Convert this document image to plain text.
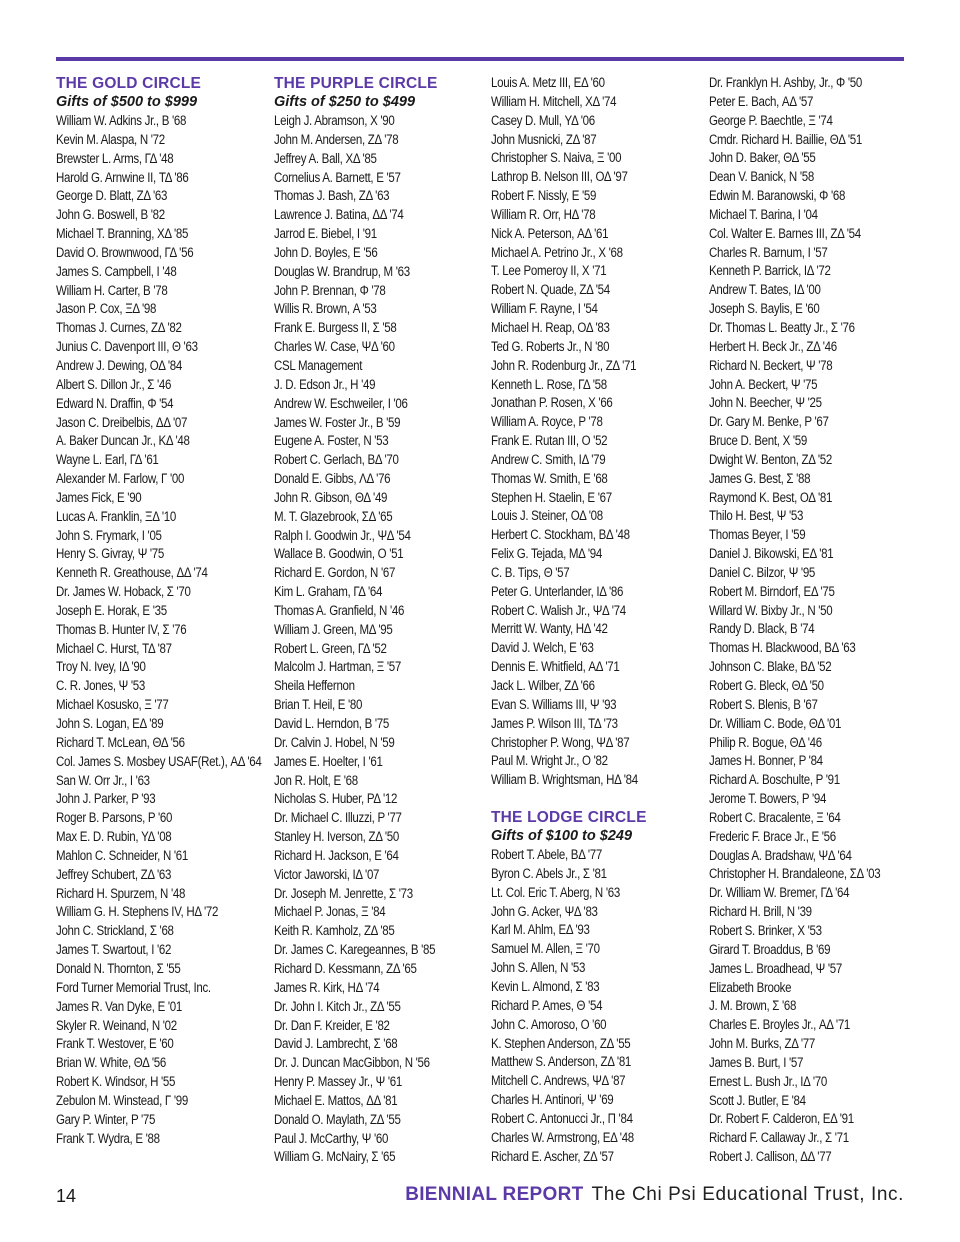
THE GOLD CIRCLE
Gifts of $500 to $999
William W. Adkins Jr., Β '68
Kevin M. Alaspa, Ν '72
Brewster L. Arms, ΓΔ '48
Harold G. Arnwine II, ΤΔ '86
George D. Blatt, ΖΔ '63
John G. Boswell, Β '82
Michael T. Branning, ΧΔ '85
David O. Brownwood, ΓΔ '56
James S. Campbell, Ι '48
William H. Carter, Β '78
Jason P. Cox, ΞΔ '98
Thomas J. Curnes, ΖΔ '82
Junius C. Davenport III, Θ '63
Andrew J. Dewing, ΟΔ '84
Albert S. Dillon Jr., Σ '46
Edward N. Draffin, Φ '54
Jason C. Dreibelbis, ΔΔ '07
A. Baker Duncan Jr., ΚΔ '48
Wayne L. Earl, ΓΔ '61
Alexander M. Farlow, Γ '00
James Fick, Ε '90
Lucas A. Franklin, ΞΔ '10
John S. Frymark, Ι '05
Henry S. Givray, Ψ '75
Kenneth R. Greathouse, ΔΔ '74
Dr. James W. Hoback, Σ '70
Joseph E. Horak, Ε '35
Thomas B. Hunter IV, Σ '76
Michael C. Hurst, ΤΔ '87
Troy N. Ivey, ΙΔ '90
C. R. Jones, Ψ '53
Michael Kosusko, Ξ '77
John S. Logan, ΕΔ '89
Richard T. McLean, ΘΔ '56
Col. James S. Mosbey USAF(Ret.), ΑΔ '64
San W. Orr Jr., Ι '63
John J. Parker, Ρ '93
Roger B. Parsons, Ρ '60
Max E. D. Rubin, ΥΔ '08
Mahlon C. Schneider, Ν '61
Jeffrey Schubert, ΖΔ '63
Richard H. Spurzem, Ν '48
William G. H. Stephens IV, ΗΔ '72
John C. Strickland, Σ '68
James T. Swartout, Ι '62
Donald N. Thornton, Σ '55
Ford Turner Memorial Trust, Inc.
James R. Van Dyke, Ε '01
Skyler R. Weinand, Ν '02
Frank T. Westover, Ε '60
Brian W. White, ΘΔ '56
Robert K. Windsor, Η '55
Zebulon M. Winstead, Γ '99
Gary P. Winter, Ρ '75
Frank T. Wydra, Ε '88
THE PURPLE CIRCLE
Gifts of $250 to $499
Leigh J. Abramson, Χ '90
John M. Andersen, ΖΔ '78
Jeffrey A. Ball, ΧΔ '85
Cornelius A. Barnett, Ε '57
Thomas J. Bash, ΖΔ '63
Lawrence J. Batina, ΔΔ '74
Jarrod E. Biebel, Ι '91
John D. Boyles, Ε '56
Douglas W. Brandrup, Μ '63
John P. Brennan, Φ '78
Willis R. Brown, Α '53
Frank E. Burgess II, Σ '58
Charles W. Case, ΨΔ '60
CSL Management
J. D. Edson Jr., Η '49
Andrew W. Eschweiler, Ι '06
James W. Foster Jr., Β '59
Eugene A. Foster, Ν '53
Robert C. Gerlach, ΒΔ '70
Donald E. Gibbs, ΛΔ '76
John R. Gibson, ΘΔ '49
M. T. Glazebrook, ΣΔ '65
Ralph I. Goodwin Jr., ΨΔ '54
Wallace B. Goodwin, Ο '51
Richard E. Gordon, Ν '67
Kim L. Graham, ΓΔ '64
Thomas A. Granfield, Ν '46
William J. Green, ΜΔ '95
Robert L. Green, ΓΔ '52
Malcolm J. Hartman, Ξ '57
Sheila Heffernon
Brian T. Heil, Ε '80
David L. Herndon, Β '75
Dr. Calvin J. Hobel, Ν '59
James E. Hoelter, Ι '61
Jon R. Holt, Ε '68
Nicholas S. Huber, ΡΔ '12
Dr. Michael C. Illuzzi, Ρ '77
Stanley H. Iverson, ΖΔ '50
Richard H. Jackson, Ε '64
Victor Jaworski, ΙΔ '07
Dr. Joseph M. Jenrette, Σ '73
Michael P. Jonas, Ξ '84
Keith R. Kamholz, ΖΔ '85
Dr. James C. Karegeannes, Β '85
Richard D. Kessmann, ΖΔ '65
James R. Kirk, ΗΔ '74
Dr. John I. Kitch Jr., ΖΔ '55
Dr. Dan F. Kreider, Ε '82
David J. Lambrecht, Σ '68
Dr. J. Duncan MacGibbon, Ν '56
Henry P. Massey Jr., Ψ '61
Michael E. Mattos, ΔΔ '81
Donald O. Maylath, ΖΔ '55
Paul J. McCarthy, Ψ '60
William G. McNairy, Σ '65
Louis A. Metz III, ΕΔ '60
William H. Mitchell, ΧΔ '74
Casey D. Mull, ΥΔ '06
John Musnicki, ΖΔ '87
Christopher S. Naiva, Ξ '00
Lathrop B. Nelson III, ΟΔ '97
Robert F. Nissly, Ε '59
William R. Orr, ΗΔ '78
Nick A. Peterson, ΑΔ '61
Michael A. Petrino Jr., Χ '68
T. Lee Pomeroy II, Χ '71
Robert N. Quade, ΖΔ '54
William F. Rayne, Ι '54
Michael H. Reap, ΟΔ '83
Ted G. Roberts Jr., Ν '80
John R. Rodenburg Jr., ΖΔ '71
Kenneth L. Rose, ΓΔ '58
Jonathan P. Rosen, Χ '66
William A. Royce, Ρ '78
Frank E. Rutan III, Ο '52
Andrew C. Smith, ΙΔ '79
Thomas W. Smith, Ε '68
Stephen H. Staelin, Ε '67
Louis J. Steiner, ΟΔ '08
Herbert C. Stockham, ΒΔ '48
Felix G. Tejada, ΜΔ '94
C. B. Tips, Θ '57
Peter G. Unterlander, ΙΔ '86
Robert C. Walish Jr., ΨΔ '74
Merritt W. Wanty, ΗΔ '42
David J. Welch, Ε '63
Dennis E. Whitfield, ΑΔ '71
Jack L. Wilber, ΖΔ '66
Evan S. Williams III, Ψ '93
James P. Wilson III, ΤΔ '73
Christopher P. Wong, ΨΔ '87
Paul M. Wright Jr., Ο '82
William B. Wrightsman, ΗΔ '84
THE LODGE CIRCLE
Gifts of $100 to $249
Robert T. Abele, ΒΔ '77
Byron C. Abels Jr., Σ '81
Lt. Col. Eric T. Aberg, Ν '63
John G. Acker, ΨΔ '83
Karl M. Ahlm, ΕΔ '93
Samuel M. Allen, Ξ '70
John S. Allen, Ν '53
Kevin L. Almond, Σ '83
Richard P. Ames, Θ '54
John C. Amoroso, Ο '60
K. Stephen Anderson, ΖΔ '55
Matthew S. Anderson, ΖΔ '81
Mitchell C. Andrews, ΨΔ '87
Charles H. Antinori, Ψ '69
Robert C. Antonucci Jr., Π '84
Charles W. Armstrong, ΕΔ '48
Richard E. Ascher, ΖΔ '57
Dr. Franklyn H. Ashby, Jr., Φ '50
Peter E. Bach, ΑΔ '57
George P. Baechtle, Ξ '74
Cmdr. Richard H. Baillie, ΘΔ '51
John D. Baker, ΘΔ '55
Dean V. Banick, Ν '58
Edwin M. Baranowski, Φ '68
Michael T. Barina, Ι '04
Col. Walter E. Barnes III, ΖΔ '54
Charles R. Barnum, Ι '57
Kenneth P. Barrick, ΙΔ '72
Andrew T. Bates, ΙΔ '00
Joseph S. Baylis, Ε '60
Dr. Thomas L. Beatty Jr., Σ '76
Herbert H. Beck Jr., ΖΔ '46
Richard N. Beckert, Ψ '78
John A. Beckert, Ψ '75
John N. Beecher, Ψ '25
Dr. Gary M. Benke, Ρ '67
Bruce D. Bent, Χ '59
Dwight W. Benton, ΖΔ '52
James G. Best, Σ '88
Raymond K. Best, ΟΔ '81
Thilo H. Best, Ψ '53
Thomas Beyer, Ι '59
Daniel J. Bikowski, ΕΔ '81
Daniel C. Bilzor, Ψ '95
Robert M. Birndorf, ΕΔ '75
Willard W. Bixby Jr., Ν '50
Randy D. Black, Β '74
Thomas H. Blackwood, ΒΔ '63
Johnson C. Blake, ΒΔ '52
Robert G. Bleck, ΘΔ '50
Robert S. Blenis, Β '67
Dr. William C. Bode, ΘΔ '01
Philip R. Bogue, ΘΔ '46
James H. Bonner, Ρ '84
Richard A. Boschulte, Ρ '91
Jerome T. Bowers, Ρ '94
Robert C. Bracalente, Ξ '64
Frederic F. Brace Jr., Ε '56
Douglas A. Bradshaw, ΨΔ '64
Christopher H. Brandaleone, ΣΔ '03
Dr. William W. Bremer, ΓΔ '64
Richard H. Brill, Ν '39
Robert S. Brinker, Χ '53
Girard T. Broaddus, Β '69
James L. Broadhead, Ψ '57
Elizabeth Brooke
J. M. Brown, Σ '68
Charles E. Broyles Jr., ΑΔ '71
John M. Burks, ΖΔ '77
James B. Burt, Ι '57
Ernest L. Bush Jr., ΙΔ '70
Scott J. Butler, Ε '84
Dr. Robert F. Calderon, ΕΔ '91
Richard F. Callaway Jr., Σ '71
Robert J. Callison, ΔΔ '77
14	BIENNIAL REPORT The Chi Psi Educational Trust, Inc.
